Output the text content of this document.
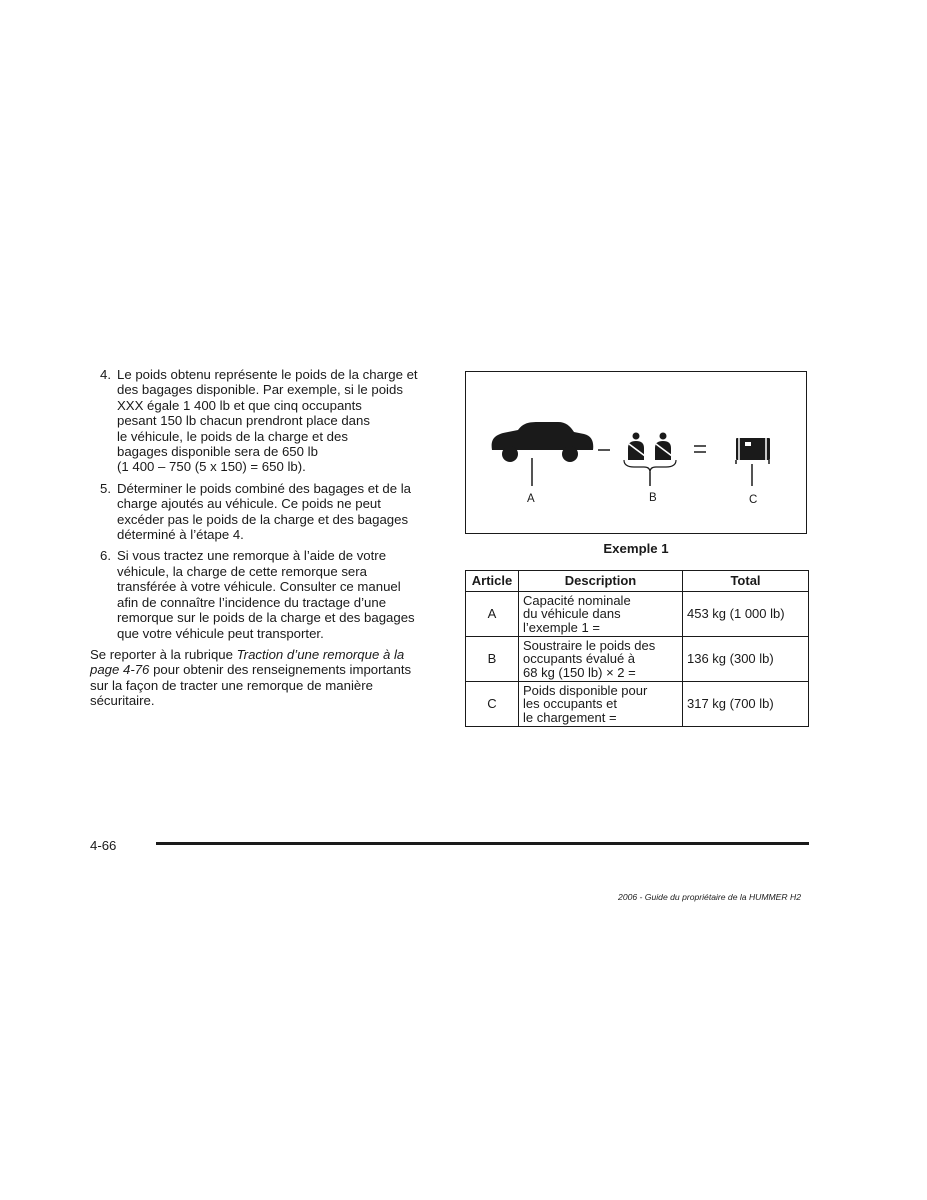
4. Le poids obtenu représente le poids de la charge et
des bagages disponible. Par exemple, si le poids
XXX égale 1 400 lb et que cinq occupants
pesant 150 lb chacun prendront place dans
le véhicule, le poids de la charge et des
bagages disponible sera de 650 lb
(1 400 – 750 (5 x 150) = 650 lb).
5. Déterminer le poids combiné des bagages et de la
charge ajoutés au véhicule. Ce poids ne peut
excéder pas le poids de la charge et des bagages
déterminé à l’étape 4.
6. Si vous tractez une remorque à l’aide de votre
véhicule, la charge de cette remorque sera
transférée à votre véhicule. Consulter ce manuel
afin de connaître l’incidence du tractage d’une
remorque sur le poids de la charge et des bagages
que votre véhicule peut transporter.
Se reporter à la rubrique Traction d’une remorque à la
page 4-76 pour obtenir des renseignements importants
sur la façon de tracter une remorque de manière
sécuritaire.
A	B	C
Exemple 1
Article	Description	Total
A	Capacité nominale
du véhicule dans
l’exemple 1 =	453 kg (1 000 lb)
B	Soustraire le poids des
occupants évalué à
68 kg (150 lb) × 2 =	136 kg (300 lb)
C	Poids disponible pour
les occupants et
le chargement =	317 kg (700 lb)
4-66
2006 - Guide du propriétaire de la HUMMER H2
